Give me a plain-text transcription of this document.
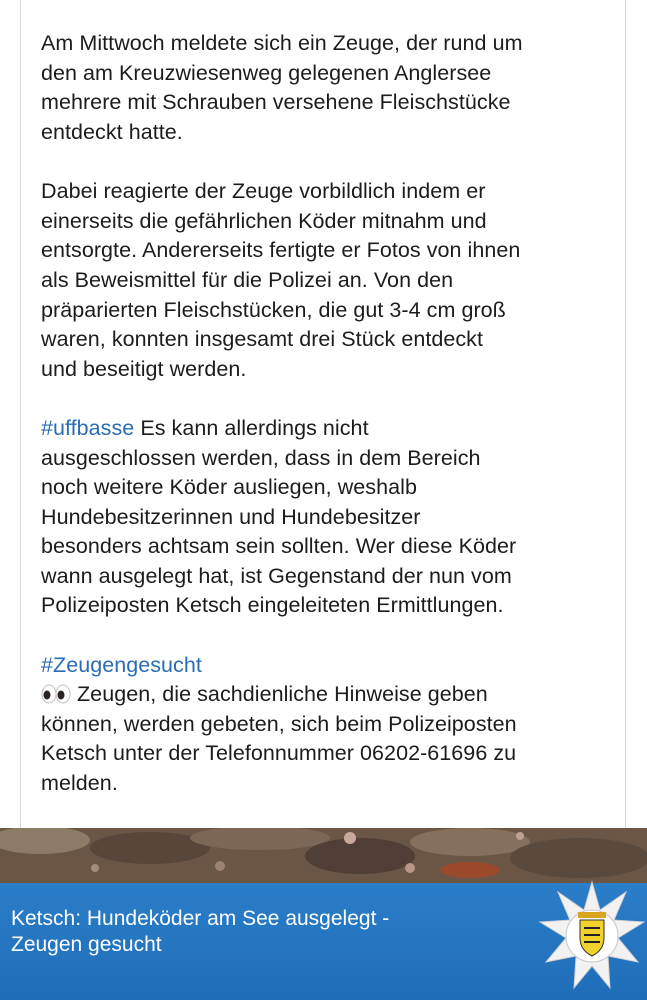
Am Mittwoch meldete sich ein Zeuge, der rund um
den am Kreuzwiesenweg gelegenen Anglersee
mehrere mit Schrauben versehene Fleischstücke
entdeckt hatte.
Dabei reagierte der Zeuge vorbildlich indem er
einerseits die gefährlichen Köder mitnahm und
entsorgte. Andererseits fertigte er Fotos von ihnen
als Beweismittel für die Polizei an. Von den
präparierten Fleischstücken, die gut 3-4 cm groß
waren, konnten insgesamt drei Stück entdeckt
und beseitigt werden.
#uffbasse Es kann allerdings nicht
ausgeschlossen werden, dass in dem Bereich
noch weitere Köder ausliegen, weshalb
Hundebesitzerinnen und Hundebesitzer
besonders achtsam sein sollten. Wer diese Köder
wann ausgelegt hat, ist Gegenstand der nun vom
Polizeiposten Ketsch eingeleiteten Ermittlungen.
#Zeugengesucht
Zeugen, die sachdienliche Hinweise geben
können, werden gebeten, sich beim Polizeiposten
Ketsch unter der Telefonnummer 06202-61696 zu
melden.
Ketsch: Hundeköder am See ausgelegt -
Zeugen gesucht
